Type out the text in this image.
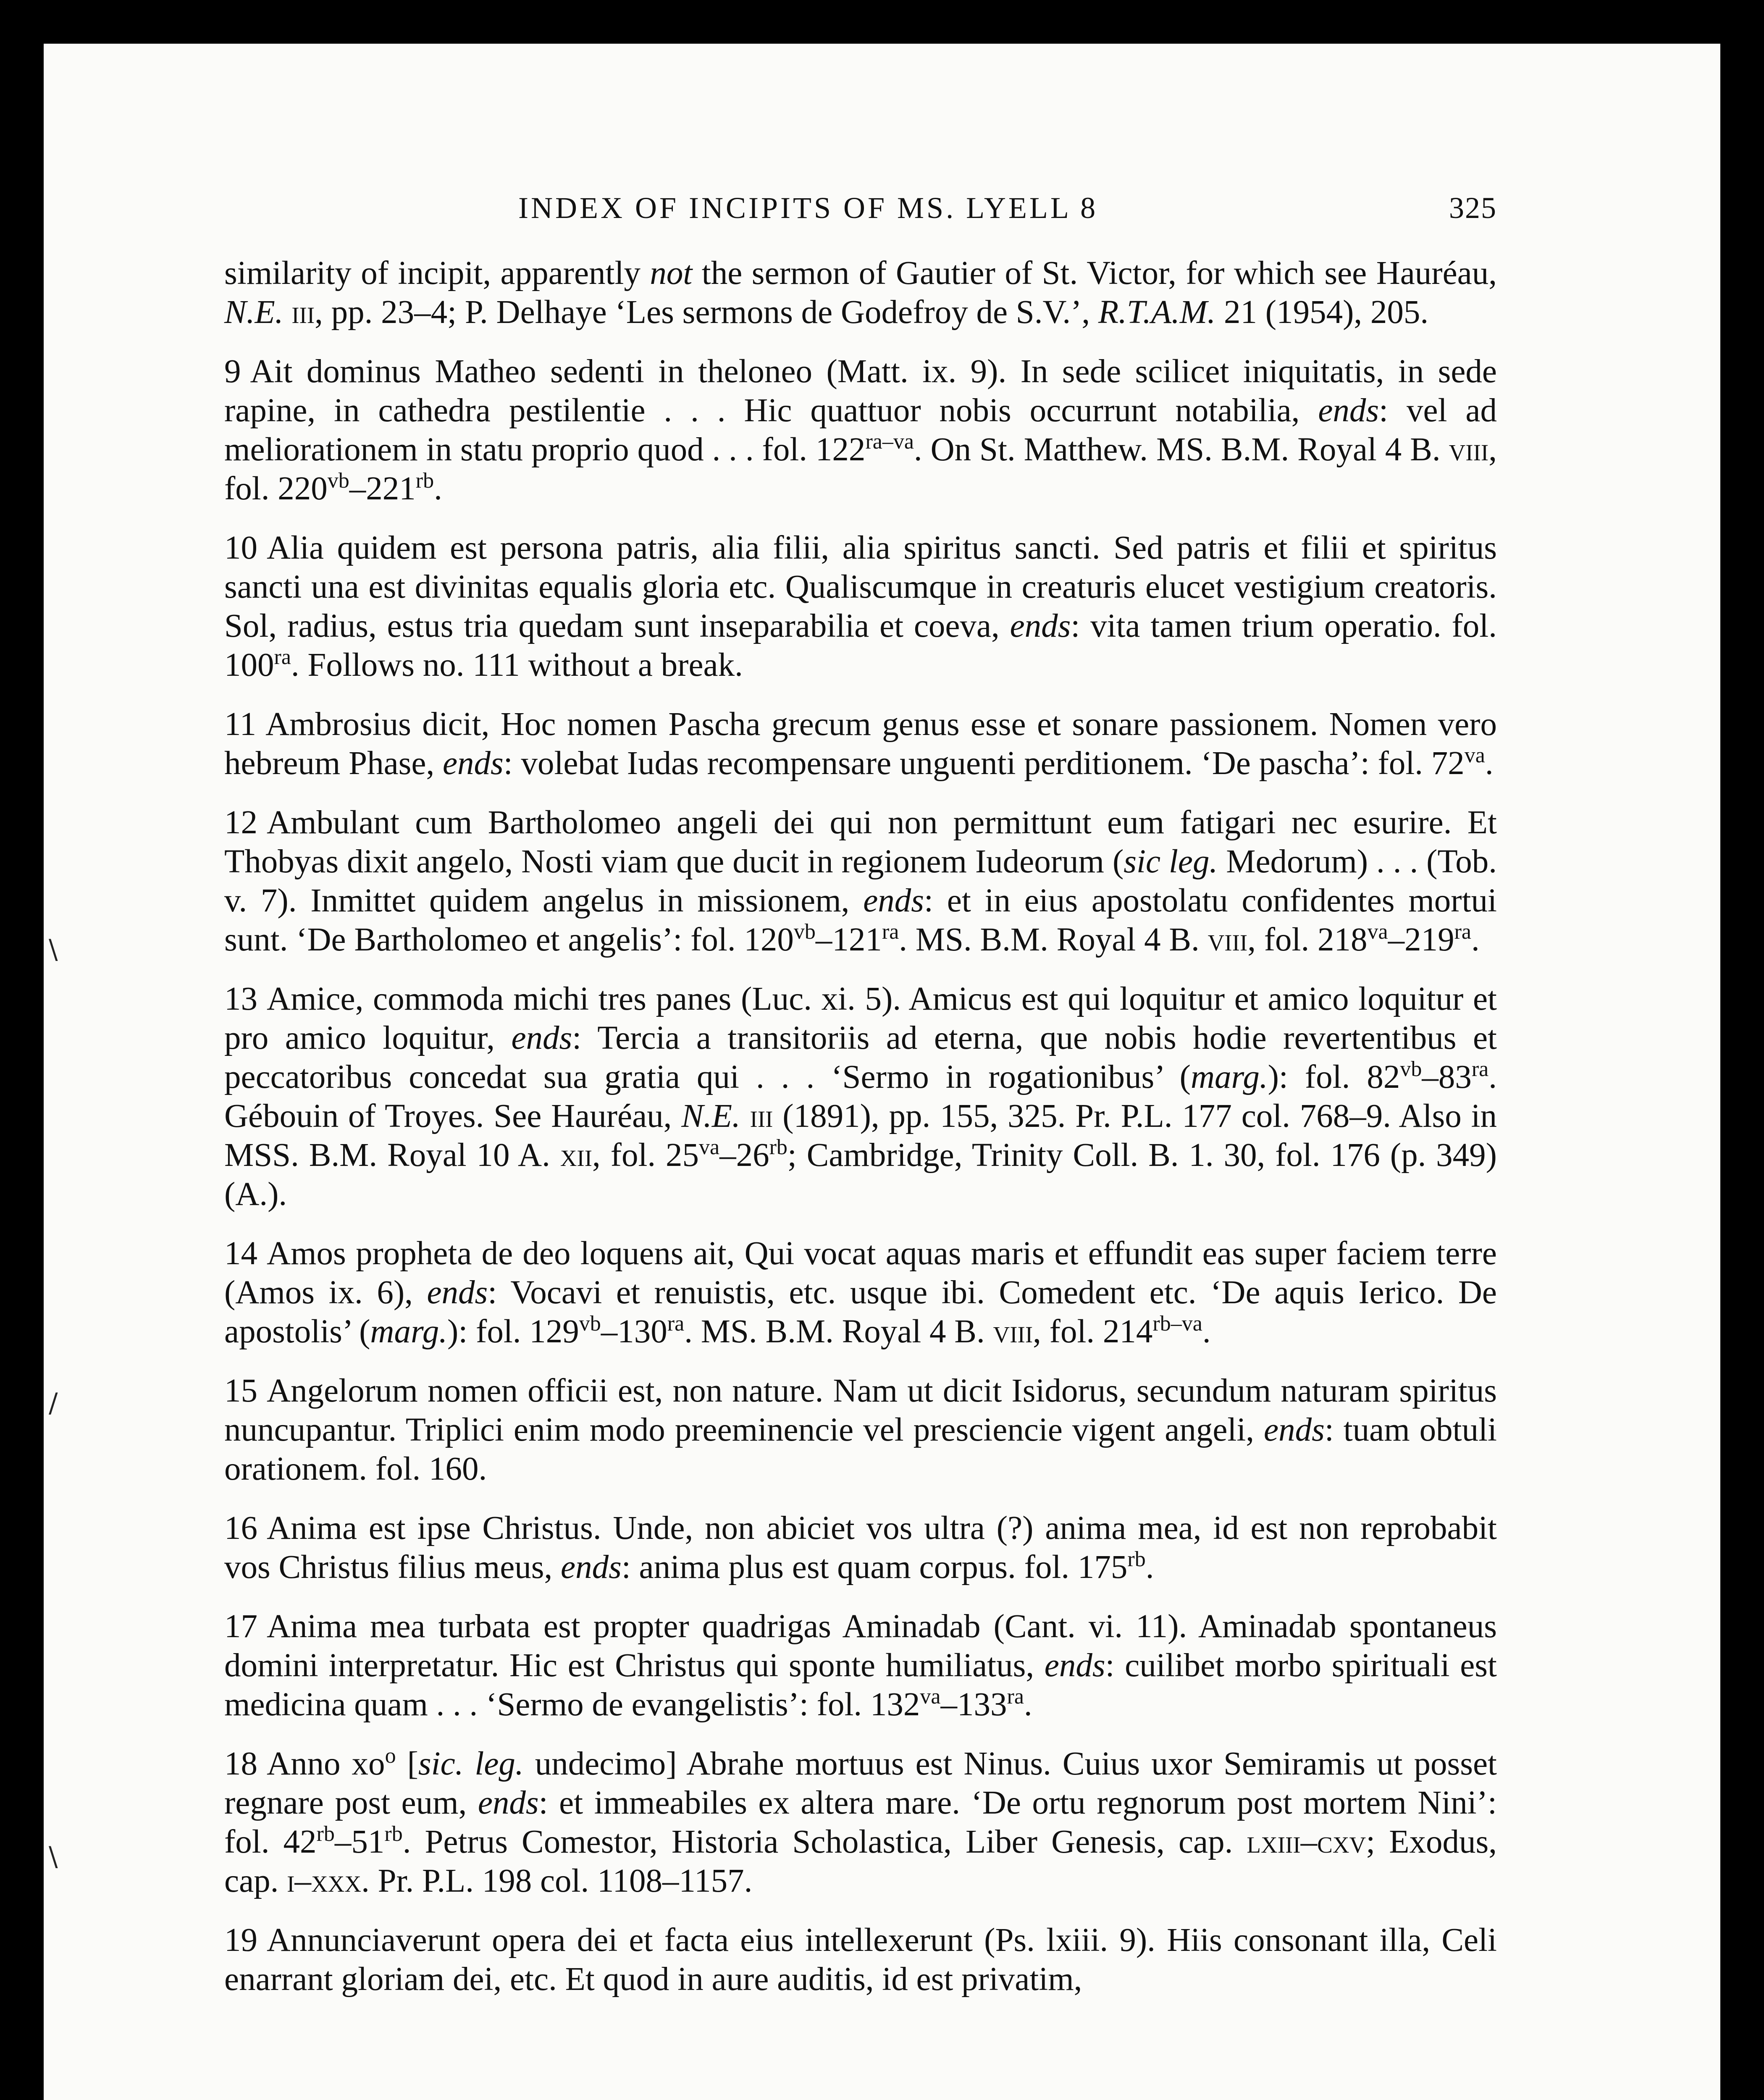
\
/
\
INDEX OF INCIPITS OF MS. LYELL 8	325

similarity of incipit, apparently not the sermon of Gautier of St. Victor, for which see Hauréau, N.E. iii, pp. 23–4; P. Delhaye ‘Les sermons de Godefroy de S.V.’, R.T.A.M. 21 (1954), 205.

9 Ait dominus Matheo sedenti in theloneo (Matt. ix. 9). In sede scilicet iniquitatis, in sede rapine, in cathedra pestilentie . . . Hic quattuor nobis occurrunt notabilia, ends: vel ad meliorationem in statu proprio quod . . . fol. $122^{ra-va}$. On St. Matthew. MS. B.M. Royal 4 B. viii, fol. $220^{vb}-221^{rb}$.

10 Alia quidem est persona patris, alia filii, alia spiritus sancti. Sed patris et filii et spiritus sancti una est divinitas equalis gloria etc. Qualiscumque in creaturis elucet vestigium creatoris. Sol, radius, estus tria quedam sunt inseparabilia et coeva, ends: vita tamen trium operatio. fol. $100^{ra}$. Follows no. 111 without a break.

11 Ambrosius dicit, Hoc nomen Pascha grecum genus esse et sonare passionem. Nomen vero hebreum Phase, ends: volebat Iudas recompensare unguenti perditionem. ‘De pascha’: fol. $72^{va}$.

12 Ambulant cum Bartholomeo angeli dei qui non permittunt eum fatigari nec esurire. Et Thobyas dixit angelo, Nosti viam que ducit in regionem Iudeorum (sic leg. Medorum) . . . (Tob. v. 7). Inmittet quidem angelus in missionem, ends: et in eius apostolatu confidentes mortui sunt. ‘De Bartholomeo et angelis’: fol. $120^{vb}-121^{ra}$. MS. B.M. Royal 4 B. viii, fol. $218^{va}-219^{ra}$.

13 Amice, commoda michi tres panes (Luc. xi. 5). Amicus est qui loquitur et amico loquitur et pro amico loquitur, ends: Tercia a transitoriis ad eterna, que nobis hodie revertentibus et peccatoribus concedat sua gratia qui . . . ‘Sermo in rogationibus’ (marg.): fol. $82^{vb}-83^{ra}$. Gébouin of Troyes. See Hauréau, N.E. iii (1891), pp. 155, 325. Pr. P.L. 177 col. 768–9. Also in MSS. B.M. Royal 10 A. xii, fol. $25^{va}-26^{rb}$; Cambridge, Trinity Coll. B. 1. 30, fol. 176 (p. 349) (A.).

14 Amos propheta de deo loquens ait, Qui vocat aquas maris et effundit eas super faciem terre (Amos ix. 6), ends: Vocavi et renuistis, etc. usque ibi. Comedent etc. ‘De aquis Ierico. De apostolis’ (marg.): fol. $129^{vb}-130^{ra}$. MS. B.M. Royal 4 B. viii, fol. $214^{rb-va}$.

15 Angelorum nomen officii est, non nature. Nam ut dicit Isidorus, secundum naturam spiritus nuncupantur. Triplici enim modo preeminencie vel presciencie vigent angeli, ends: tuam obtuli orationem. fol. 160.

16 Anima est ipse Christus. Unde, non abiciet vos ultra (?) anima mea, id est non reprobabit vos Christus filius meus, ends: anima plus est quam corpus. fol. $175^{rb}$.

17 Anima mea turbata est propter quadrigas Aminadab (Cant. vi. 11). Aminadab spontaneus domini interpretatur. Hic est Christus qui sponte humiliatus, ends: cuilibet morbo spirituali est medicina quam . . . ‘Sermo de evangelistis’: fol. $132^{va}-133^{ra}$.

18 Anno $xo^o$ [sic. leg. undecimo] Abrahe mortuus est Ninus. Cuius uxor Semiramis ut posset regnare post eum, ends: et immeabiles ex altera mare. ‘De ortu regnorum post mortem Nini’: fol. $42^{rb}-51^{rb}$. Petrus Comestor, Historia Scholastica, Liber Genesis, cap. lxiii–cxv; Exodus, cap. i–xxx. Pr. P.L. 198 col. 1108–1157.

19 Annunciaverunt opera dei et facta eius intellexerunt (Ps. lxiii. 9). Hiis consonant illa, Celi enarrant gloriam dei, etc. Et quod in aure auditis, id est privatim,
